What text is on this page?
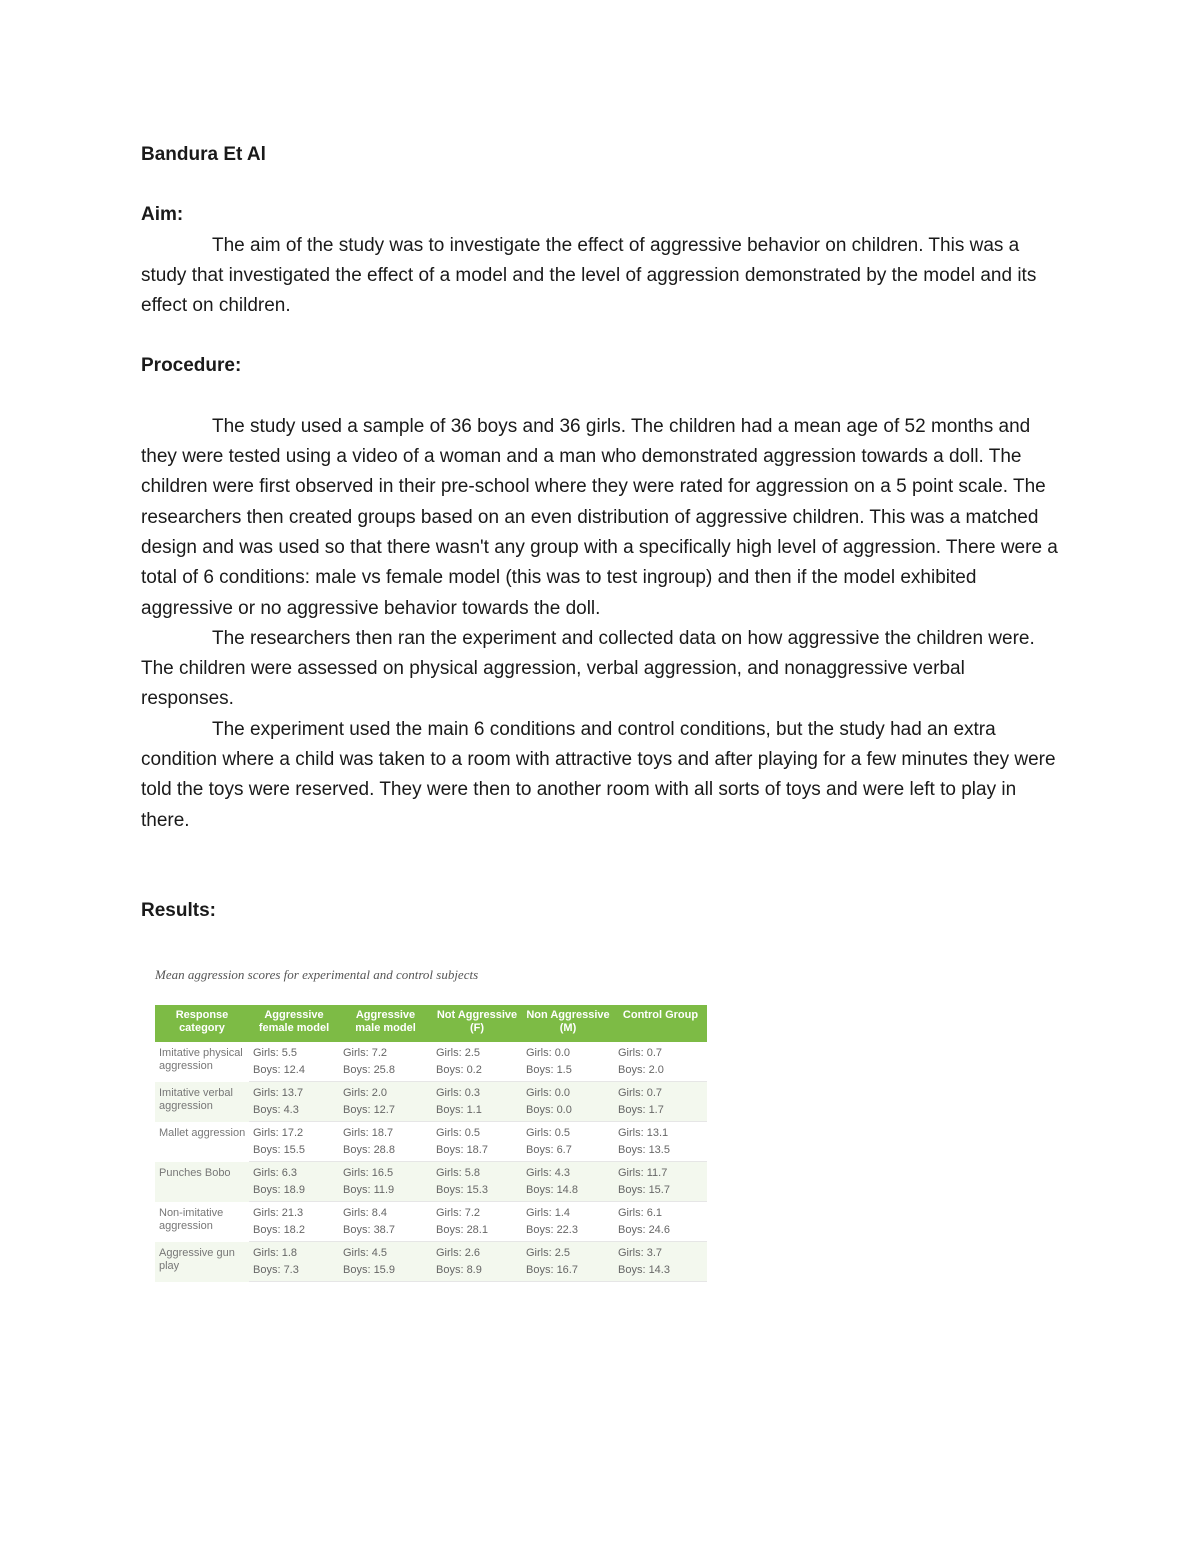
Bandura Et Al

Aim:

The aim of the study was to investigate the effect of aggressive behavior on children. This was a study that investigated the effect of a model and the level of aggression demonstrated by the model and its effect on children.

Procedure:

The study used a sample of 36 boys and 36 girls. The children had a mean age of 52 months and they were tested using a video of a woman and a man who demonstrated aggression towards a doll. The children were first observed in their pre-school where they were rated for aggression on a 5 point scale. The researchers then created groups based on an even distribution of aggressive children. This was a matched design and was used so that there wasn't any group with a specifically high level of aggression. There were a total of 6 conditions: male vs female model (this was to test ingroup) and then if the model exhibited aggressive or no aggressive behavior towards the doll.

The researchers then ran the experiment and collected data on how aggressive the children were. The children were assessed on physical aggression, verbal aggression, and nonaggressive verbal responses.

The experiment used the main 6 conditions and control conditions, but the study had an extra condition where a child was taken to a room with attractive toys and after playing for a few minutes they were told the toys were reserved. They were then to another room with all sorts of toys and were left to play in there.

Results:

Mean aggression scores for experimental and control subjects

Response category	Aggressive female model	Aggressive male model	Not Aggressive (F)	Non Aggressive (M)	Control Group
Imitative physical aggression	Girls: 5.5	Girls: 7.2	Girls: 2.5	Girls: 0.0	Girls: 0.7
	Boys: 12.4	Boys: 25.8	Boys: 0.2	Boys: 1.5	Boys: 2.0
Imitative verbal aggression	Girls: 13.7	Girls: 2.0	Girls: 0.3	Girls: 0.0	Girls: 0.7
	Boys: 4.3	Boys: 12.7	Boys: 1.1	Boys: 0.0	Boys: 1.7
Mallet aggression	Girls: 17.2	Girls: 18.7	Girls: 0.5	Girls: 0.5	Girls: 13.1
	Boys: 15.5	Boys: 28.8	Boys: 18.7	Boys: 6.7	Boys: 13.5
Punches Bobo	Girls: 6.3	Girls: 16.5	Girls: 5.8	Girls: 4.3	Girls: 11.7
	Boys: 18.9	Boys: 11.9	Boys: 15.3	Boys: 14.8	Boys: 15.7
Non-imitative aggression	Girls: 21.3	Girls: 8.4	Girls: 7.2	Girls: 1.4	Girls: 6.1
	Boys: 18.2	Boys: 38.7	Boys: 28.1	Boys: 22.3	Boys: 24.6
Aggressive gun play	Girls: 1.8	Girls: 4.5	Girls: 2.6	Girls: 2.5	Girls: 3.7
	Boys: 7.3	Boys: 15.9	Boys: 8.9	Boys: 16.7	Boys: 14.3
